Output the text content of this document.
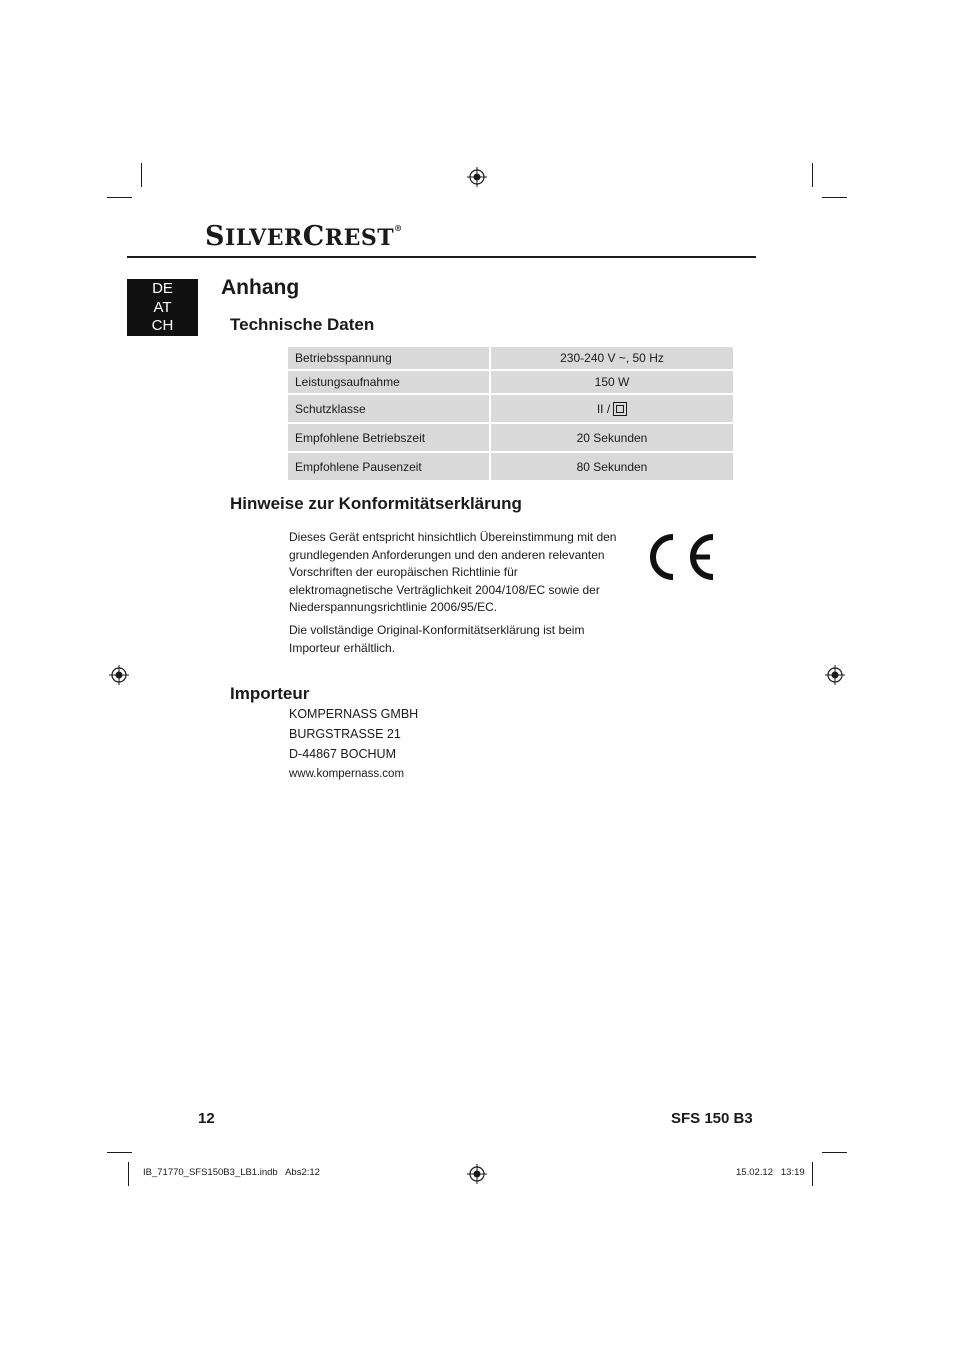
SILVERCREST®
DE
AT
CH
Anhang
Technische Daten
Betriebsspannung	230-240 V ~, 50 Hz
Leistungsaufnahme	150 W
Schutzklasse	II /
Empfohlene Betriebszeit	20 Sekunden
Empfohlene Pausenzeit	80 Sekunden
Hinweise zur Konformitätserklärung
Dieses Gerät entspricht hinsichtlich Übereinstimmung mit den grundlegenden Anforderungen und den anderen relevanten Vorschriften der europäischen Richtlinie für elektromagnetische Verträglichkeit 2004/108/EC sowie der Niederspannungsrichtlinie 2006/95/EC.
Die vollständige Original-Konformitätserklärung ist beim Importeur erhältlich.
Importeur
KOMPERNASS GMBH
BURGSTRASSE 21
D-44867 BOCHUM
www.kompernass.com
12	SFS 150 B3
IB_71770_SFS150B3_LB1.indb   Abs2:12	15.02.12   13:19
